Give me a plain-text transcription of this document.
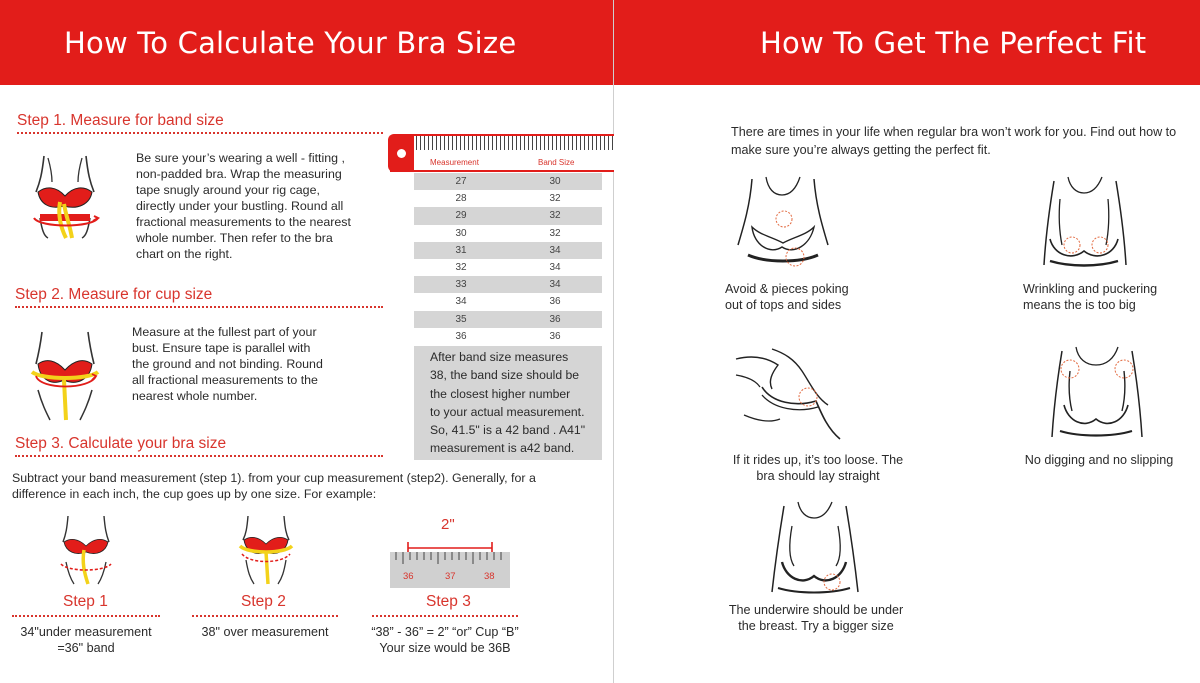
How To Calculate Your Bra Size
Step 1. Measure for band size
Be sure your’s wearing a well - fitting ,
non-padded bra. Wrap the measuring
tape snugly around your rig cage,
directly under your bustling. Round all
fractional measurements to the nearest
whole number. Then refer to the bra
chart on the right.
Step 2. Measure for cup size
Measure at the fullest part of your
bust. Ensure tape is parallel with
the ground and not binding. Round
all fractional measurements to the
nearest whole number.
Step 3. Calculate your bra size
Subtract your band measurement (step 1). from your cup measurement (step2). Generally, for a
difference in each inch, the cup goes up by one size. For example:
Measurement	Band Size
27	30
28	32
29	32
30	32
31	34
32	34
33	34
34	36
35	36
36	36
After band size measures
38, the band size should be
the closest higher number
to your actual measurement.
So, 41.5" is a 42 band . A41"
measurement is a42 band.
2"
36	37	38
Step 1
34"under measurement
=36" band
Step 2
38" over measurement
Step 3
“38” - 36” = 2” “or” Cup “B”
Your size would be 36B
How To Get The Perfect Fit
There are times in your life when regular bra won’t work for you. Find out how to
make sure you’re always getting the perfect fit.
Avoid & pieces poking
out of tops and sides
Wrinkling and puckering
means the is too big
If it rides up, it’s too loose. The
bra should lay straight
No digging and no slipping
The underwire should be under
the breast. Try a bigger size
